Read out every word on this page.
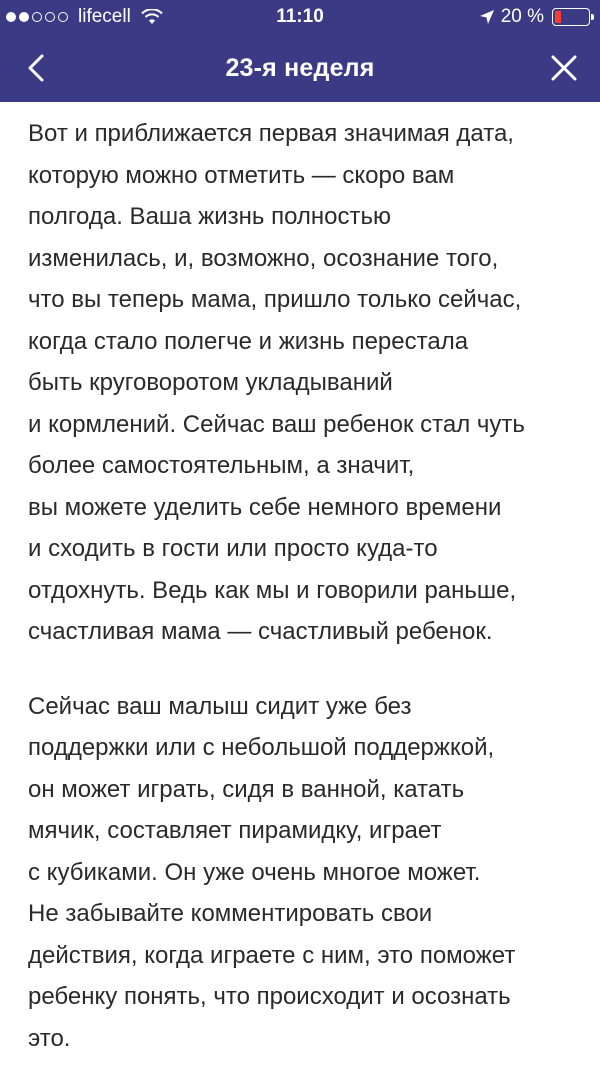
lifecell	11:10	20 %
23-я неделя
Вот и приближается первая значимая дата,
которую можно отметить — скоро вам
полгода. Ваша жизнь полностью
изменилась, и, возможно, осознание того,
что вы теперь мама, пришло только сейчас,
когда стало полегче и жизнь перестала
быть круговоротом укладываний
и кормлений. Сейчас ваш ребенок стал чуть
более самостоятельным, а значит,
вы можете уделить себе немного времени
и сходить в гости или просто куда-то
отдохнуть. Ведь как мы и говорили раньше,
счастливая мама — счастливый ребенок.
Сейчас ваш малыш сидит уже без
поддержки или с небольшой поддержкой,
он может играть, сидя в ванной, катать
мячик, составляет пирамидку, играет
с кубиками. Он уже очень многое может.
Не забывайте комментировать свои
действия, когда играете с ним, это поможет
ребенку понять, что происходит и осознать
это.
